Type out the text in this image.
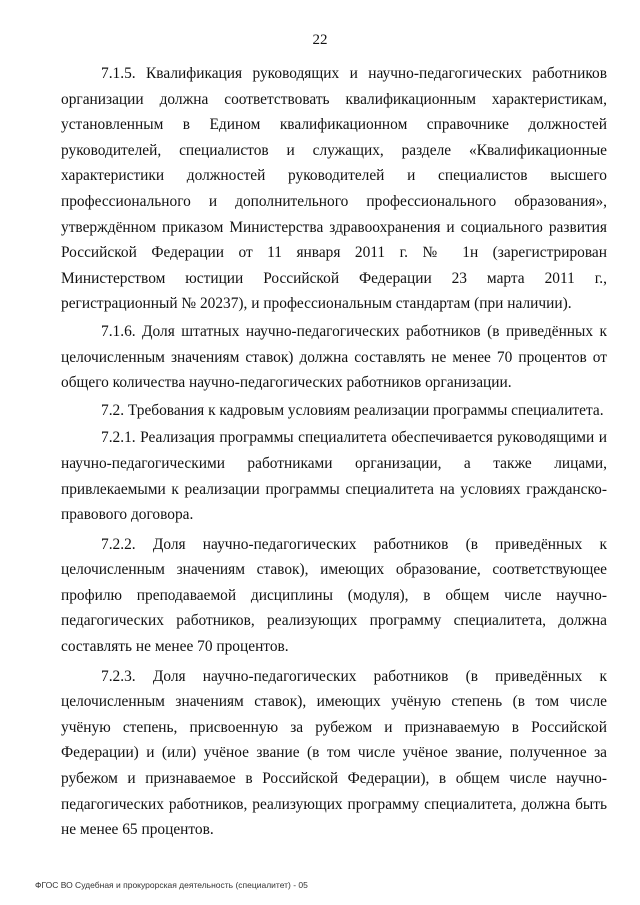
22

7.1.5. Квалификация руководящих и научно-педагогических работников организации должна соответствовать квалификационным характеристикам, установленным в Едином квалификационном справочнике должностей руководителей, специалистов и служащих, разделе «Квалификационные характеристики должностей руководителей и специалистов высшего профессионального и дополнительного профессионального образования», утверждённом приказом Министерства здравоохранения и социального развития Российской Федерации от 11 января 2011 г. № 1н (зарегистрирован Министерством юстиции Российской Федерации 23 марта 2011 г., регистрационный № 20237), и профессиональным стандартам (при наличии).

7.1.6. Доля штатных научно-педагогических работников (в приведённых к целочисленным значениям ставок) должна составлять не менее 70 процентов от общего количества научно-педагогических работников организации.

7.2. Требования к кадровым условиям реализации программы специалитета.

7.2.1. Реализация программы специалитета обеспечивается руководящими и научно-педагогическими работниками организации, а также лицами, привлекаемыми к реализации программы специалитета на условиях гражданско-правового договора.

7.2.2. Доля научно-педагогических работников (в приведённых к целочисленным значениям ставок), имеющих образование, соответствующее профилю преподаваемой дисциплины (модуля), в общем числе научно-педагогических работников, реализующих программу специалитета, должна составлять не менее 70 процентов.

7.2.3. Доля научно-педагогических работников (в приведённых к целочисленным значениям ставок), имеющих учёную степень (в том числе учёную степень, присвоенную за рубежом и признаваемую в Российской Федерации) и (или) учёное звание (в том числе учёное звание, полученное за рубежом и признаваемое в Российской Федерации), в общем числе научно-педагогических работников, реализующих программу специалитета, должна быть не менее 65 процентов.

ФГОС ВО Судебная и прокурорская деятельность (специалитет) - 05
